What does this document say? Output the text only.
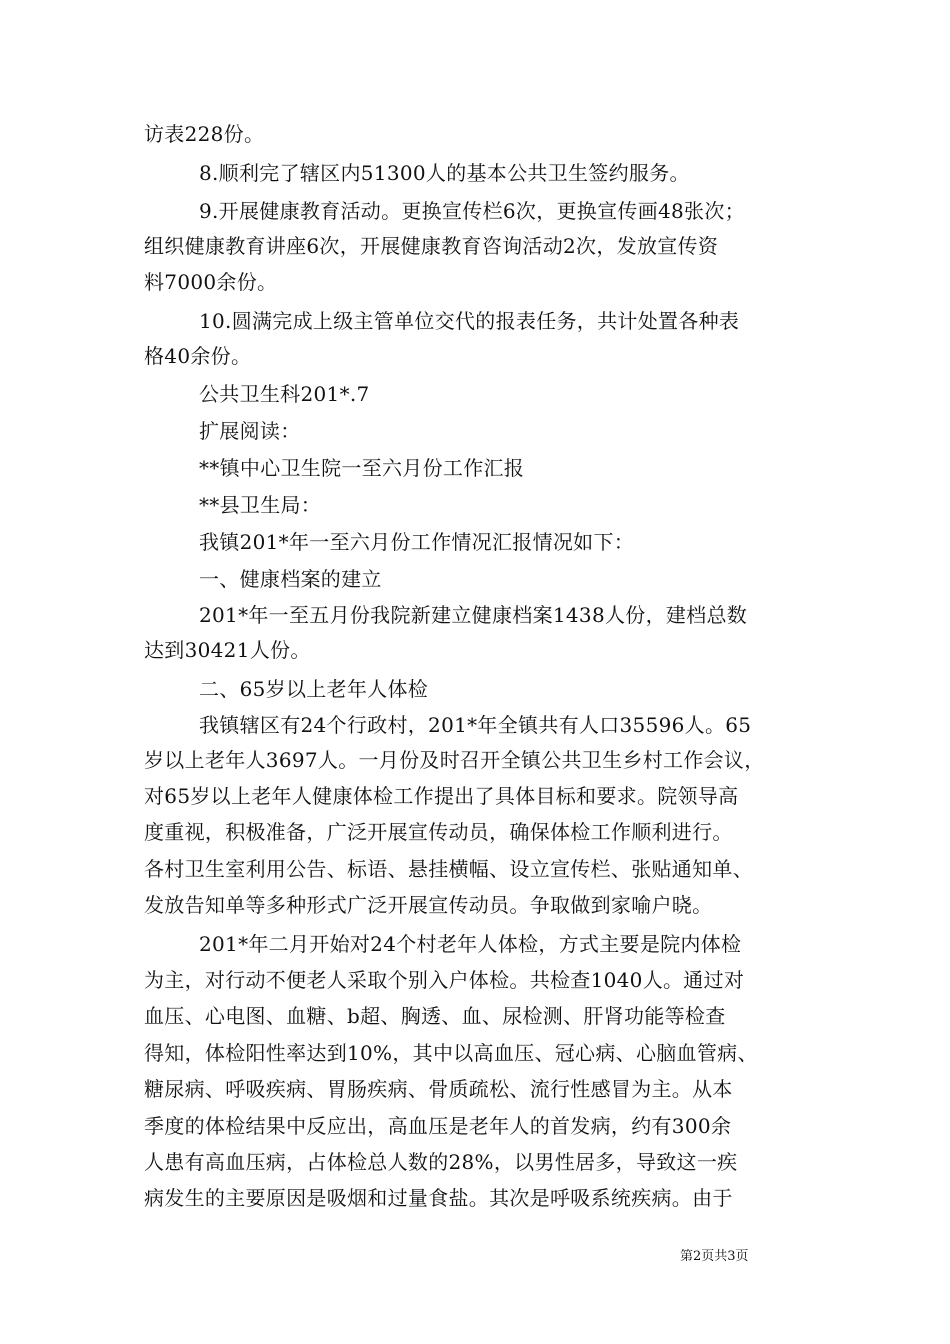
访表228份。
8.顺利完了辖区内51300人的基本公共卫生签约服务。
9.开展健康教育活动。更换宣传栏6次，更换宣传画48张次；
组织健康教育讲座6次，开展健康教育咨询活动2次，发放宣传资
料7000余份。
10.圆满完成上级主管单位交代的报表任务，共计处置各种表
格40余份。
公共卫生科201*.7
扩展阅读：
**镇中心卫生院一至六月份工作汇报
**县卫生局：
我镇201*年一至六月份工作情况汇报情况如下：
一、健康档案的建立
201*年一至五月份我院新建立健康档案1438人份，建档总数
达到30421人份。
二、65岁以上老年人体检
我镇辖区有24个行政村，201*年全镇共有人口35596人。65
岁以上老年人3697人。一月份及时召开全镇公共卫生乡村工作会议，
对65岁以上老年人健康体检工作提出了具体目标和要求。院领导高
度重视，积极准备，广泛开展宣传动员，确保体检工作顺利进行。
各村卫生室利用公告、标语、悬挂横幅、设立宣传栏、张贴通知单、
发放告知单等多种形式广泛开展宣传动员。争取做到家喻户晓。
201*年二月开始对24个村老年人体检，方式主要是院内体检
为主，对行动不便老人采取个别入户体检。共检查1040人。通过对
血压、心电图、血糖、b超、胸透、血、尿检测、肝肾功能等检查
得知，体检阳性率达到10%，其中以高血压、冠心病、心脑血管病、
糖尿病、呼吸疾病、胃肠疾病、骨质疏松、流行性感冒为主。从本
季度的体检结果中反应出，高血压是老年人的首发病，约有300余
人患有高血压病，占体检总人数的28%，以男性居多，导致这一疾
病发生的主要原因是吸烟和过量食盐。其次是呼吸系统疾病。由于
第2页共3页
